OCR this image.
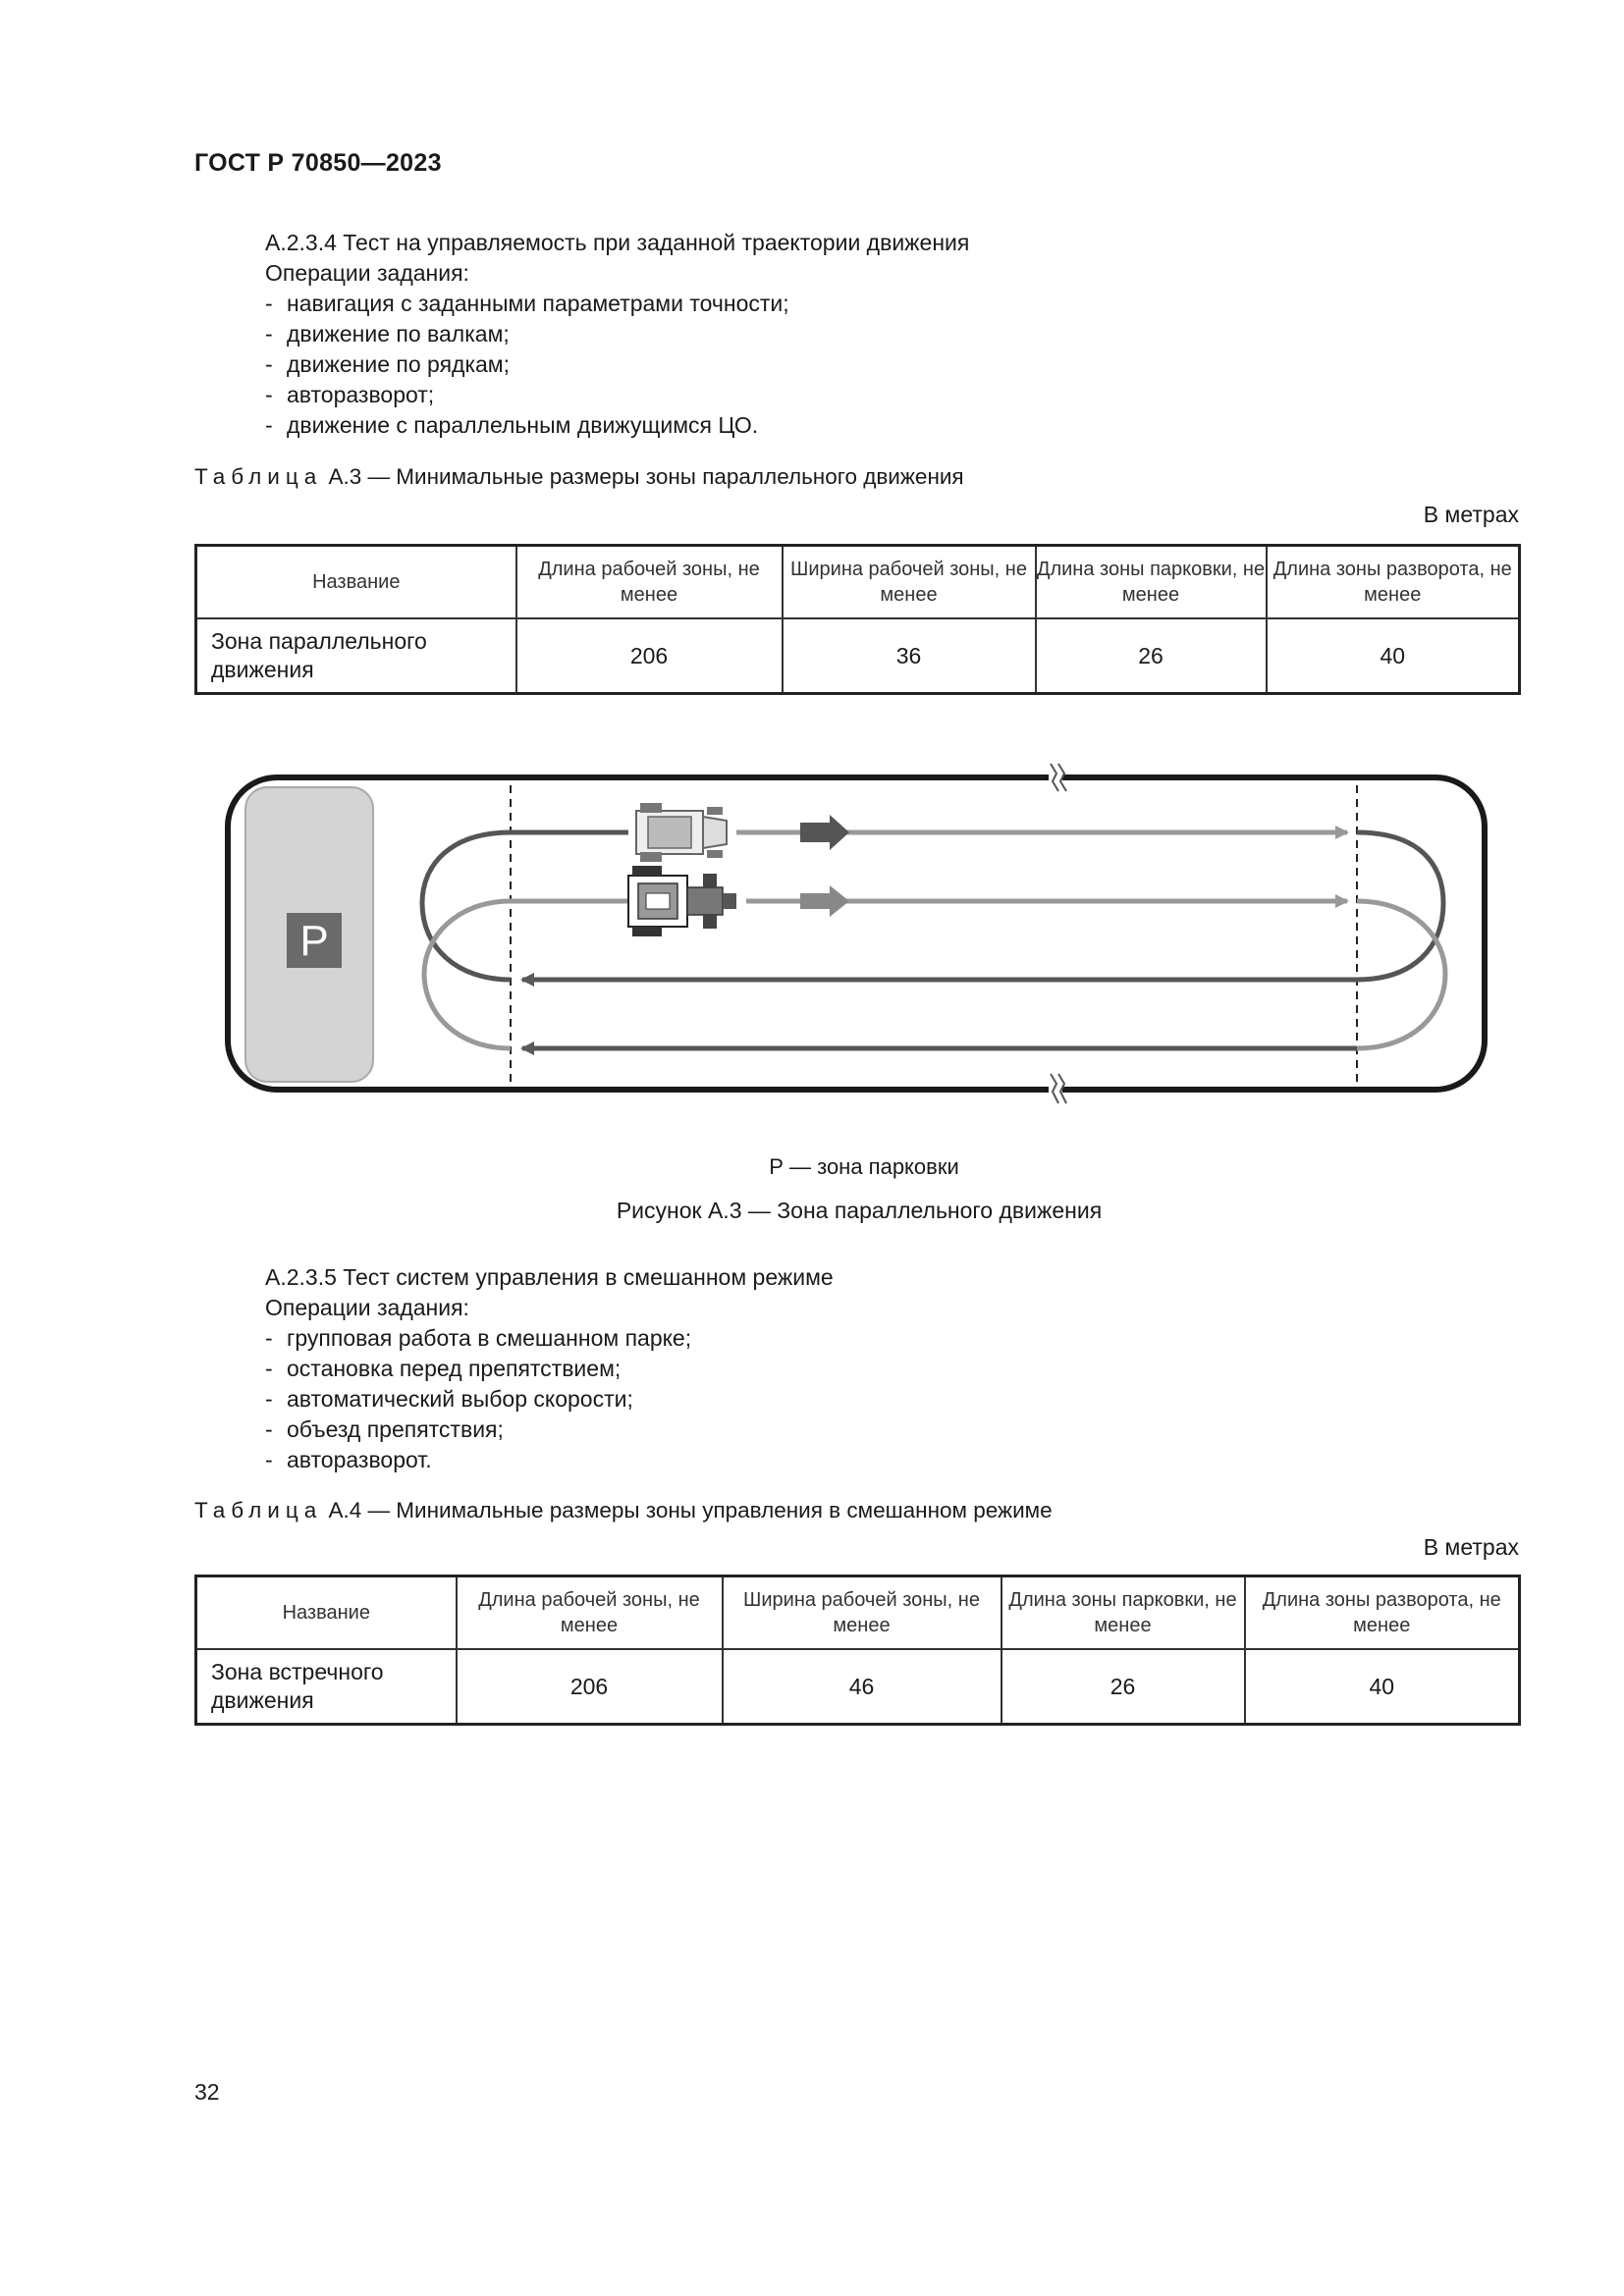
ГОСТ Р 70850—2023
А.2.3.4 Тест на управляемость при заданной траектории движения
Операции задания:
- навигация с заданными параметрами точности;
- движение по валкам;
- движение по рядкам;
- авторазворот;
- движение с параллельным движущимся ЦО.
Таблица А.3 — Минимальные размеры зоны параллельного движения
В метрах
Название	Длина рабочей зоны, не менее	Ширина рабочей зоны, не менее	Длина зоны парковки, не менее	Длина зоны разворота, не менее
Зона параллельного движения	206	36	26	40
P
Р — зона парковки
Рисунок А.3 — Зона параллельного движения
А.2.3.5 Тест систем управления в смешанном режиме
Операции задания:
- групповая работа в смешанном парке;
- остановка перед препятствием;
- автоматический выбор скорости;
- объезд препятствия;
- авторазворот.
Таблица А.4 — Минимальные размеры зоны управления в смешанном режиме
В метрах
Название	Длина рабочей зоны, не менее	Ширина рабочей зоны, не менее	Длина зоны парковки, не менее	Длина зоны разворота, не менее
Зона встречного движения	206	46	26	40
32
